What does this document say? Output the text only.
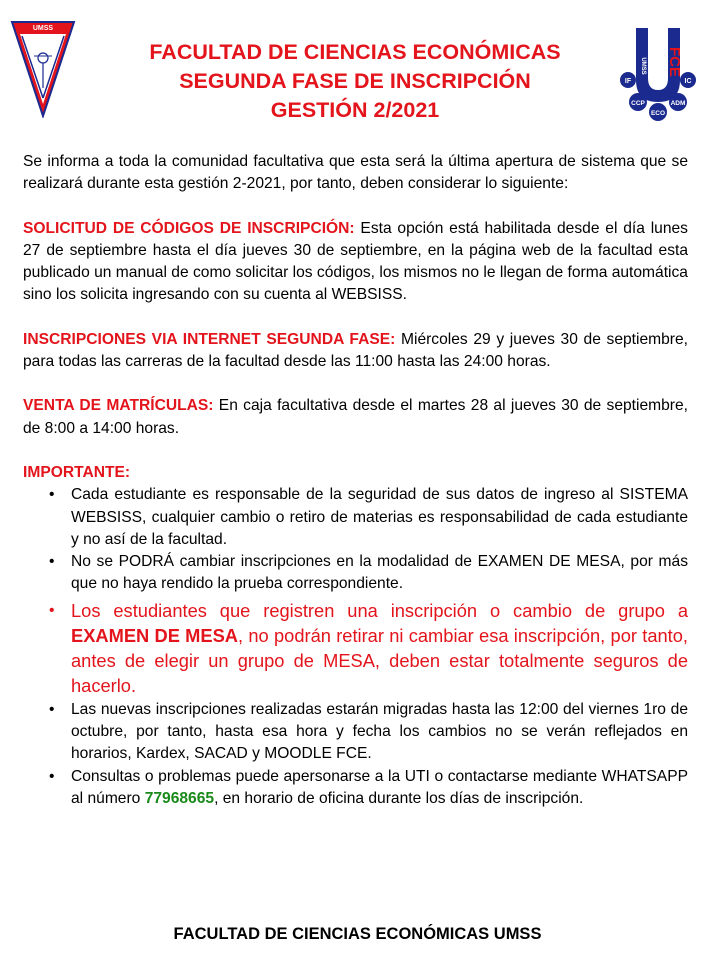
UMSS	U
UMSS FCE
IF	IC
CCP	ADM
ECO
FACULTAD DE CIENCIAS ECONÓMICAS
SEGUNDA FASE DE INSCRIPCIÓN
GESTIÓN 2/2021

Se informa a toda la comunidad facultativa que esta será la última apertura de sistema que se realizará durante esta gestión 2-2021, por tanto, deben considerar lo siguiente:

SOLICITUD DE CÓDIGOS DE INSCRIPCIÓN: Esta opción está habilitada desde el día lunes 27 de septiembre hasta el día jueves 30 de septiembre, en la página web de la facultad esta publicado un manual de como solicitar los códigos, los mismos no le llegan de forma automática sino los solicita ingresando con su cuenta al WEBSISS.

INSCRIPCIONES VIA INTERNET SEGUNDA FASE: Miércoles 29 y jueves 30 de septiembre, para todas las carreras de la facultad desde las 11:00 hasta las 24:00 horas.

VENTA DE MATRÍCULAS: En caja facultativa desde el martes 28 al jueves 30 de septiembre, de 8:00 a 14:00 horas.

IMPORTANTE:

• Cada estudiante es responsable de la seguridad de sus datos de ingreso al SISTEMA WEBSISS, cualquier cambio o retiro de materias es responsabilidad de cada estudiante y no así de la facultad.
• No se PODRÁ cambiar inscripciones en la modalidad de EXAMEN DE MESA, por más que no haya rendido la prueba correspondiente.
• Los estudiantes que registren una inscripción o cambio de grupo a EXAMEN DE MESA, no podrán retirar ni cambiar esa inscripción, por tanto, antes de elegir un grupo de MESA, deben estar totalmente seguros de hacerlo.
• Las nuevas inscripciones realizadas estarán migradas hasta las 12:00 del viernes 1ro de octubre, por tanto, hasta esa hora y fecha los cambios no se verán reflejados en horarios, Kardex, SACAD y MOODLE FCE.
• Consultas o problemas puede apersonarse a la UTI o contactarse mediante WHATSAPP al número 77968665, en horario de oficina durante los días de inscripción.
FACULTAD DE CIENCIAS ECONÓMICAS UMSS
